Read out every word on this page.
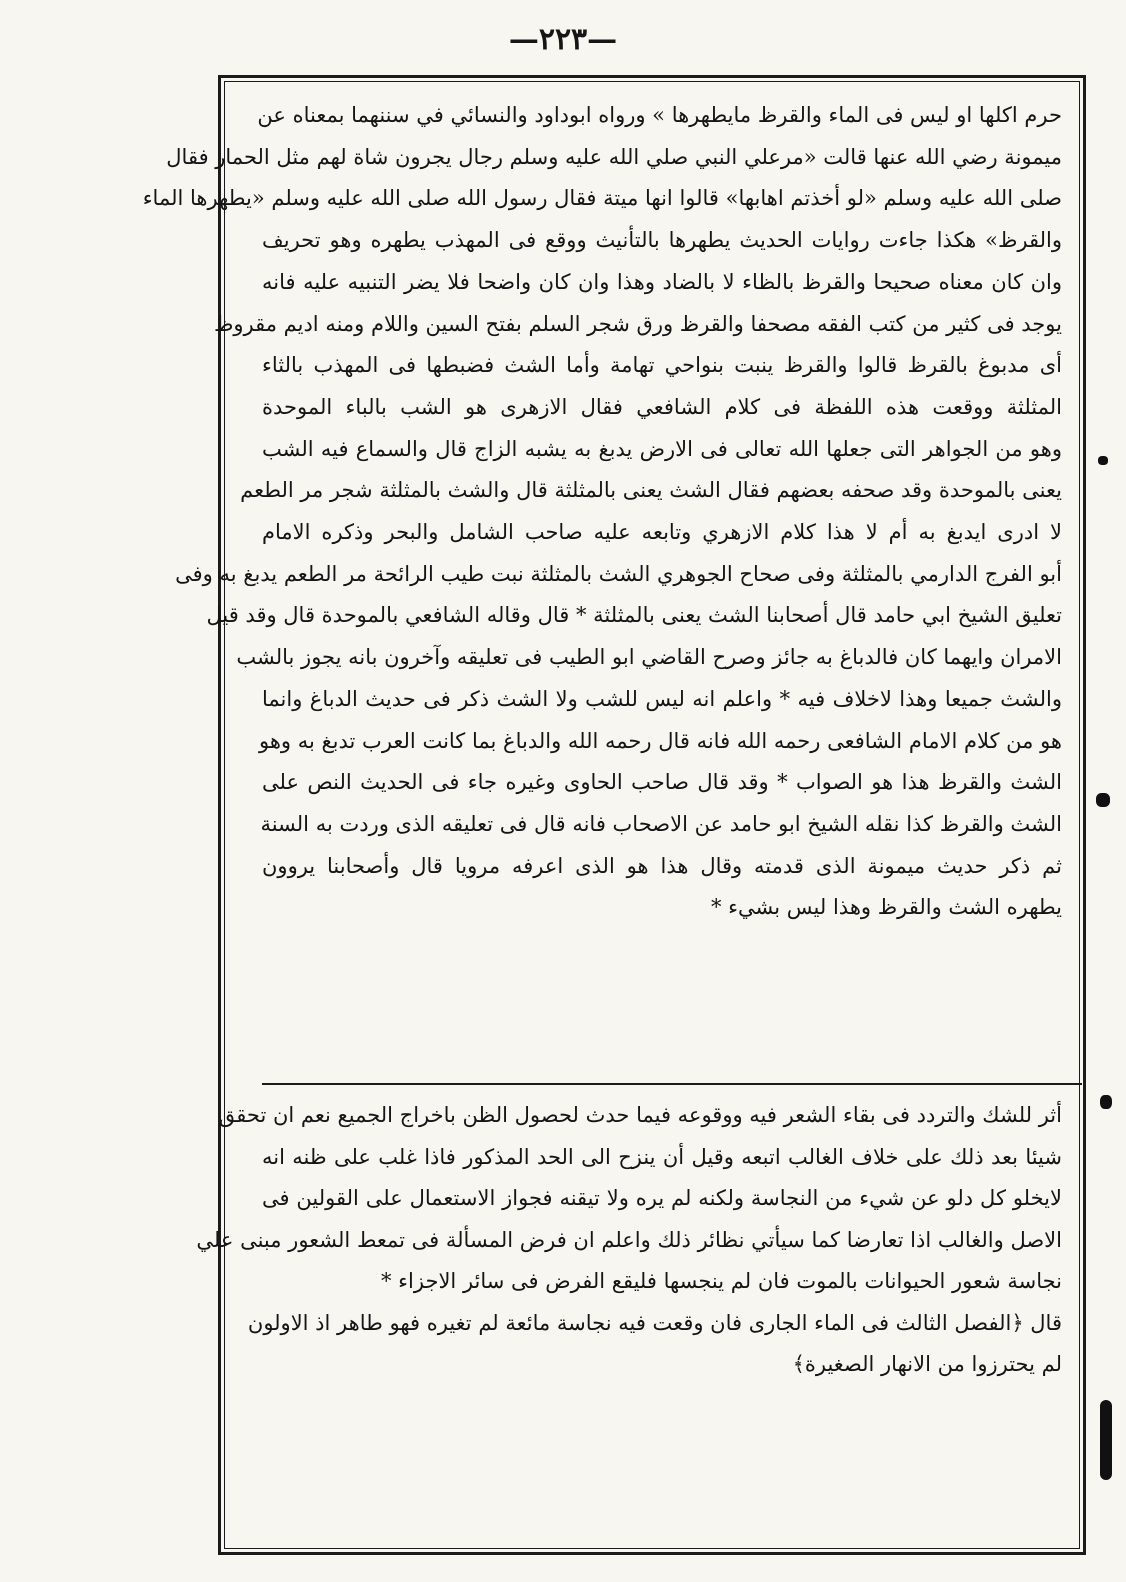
—٢٢٣—
حرم اكلها او ليس فى الماء والقرظ مايطهرها » ورواه ابوداود والنسائي في سننهما بمعناه عن
ميمونة رضي الله عنها قالت «مرعلي النبي صلي الله عليه وسلم رجال يجرون شاة لهم مثل الحمار فقال
صلى الله عليه وسلم «لو أخذتم اهابها» قالوا انها ميتة فقال رسول الله صلى الله عليه وسلم «يطهرها الماء
والقرظ» هكذا جاءت روايات الحديث يطهرها بالتأنيث ووقع فى المهذب يطهره وهو تحريف
وان كان معناه صحيحا والقرظ بالظاء لا بالضاد وهذا وان كان واضحا فلا يضر التنبيه عليه فانه
يوجد فى كثير من كتب الفقه مصحفا والقرظ ورق شجر السلم بفتح السين واللام ومنه اديم مقروظ
أى مدبوغ بالقرظ قالوا والقرظ ينبت بنواحي تهامة وأما الشث فضبطها فى المهذب بالثاء
المثلثة ووقعت هذه اللفظة فى كلام الشافعي فقال الازهرى هو الشب بالباء الموحدة
وهو من الجواهر التى جعلها الله تعالى فى الارض يدبغ به يشبه الزاج قال والسماع فيه الشب
يعنى بالموحدة وقد صحفه بعضهم فقال الشث يعنى بالمثلثة قال والشث بالمثلثة شجر مر الطعم
لا ادرى ايدبغ به أم لا هذا كلام الازهري وتابعه عليه صاحب الشامل والبحر وذكره الامام
أبو الفرج الدارمي بالمثلثة وفى صحاح الجوهري الشث بالمثلثة نبت طيب الرائحة مر الطعم يدبغ به وفى
تعليق الشيخ ابي حامد قال أصحابنا الشث يعنى بالمثلثة * قال وقاله الشافعي بالموحدة قال وقد قيل
الامران وايهما كان فالدباغ به جائز وصرح القاضي ابو الطيب فى تعليقه وآخرون بانه يجوز بالشب
والشث جميعا وهذا لاخلاف فيه * واعلم انه ليس للشب ولا الشث ذكر فى حديث الدباغ وانما
هو من كلام الامام الشافعى رحمه الله فانه قال رحمه الله والدباغ بما كانت العرب تدبغ به وهو
الشث والقرظ هذا هو الصواب * وقد قال صاحب الحاوى وغيره جاء فى الحديث النص على
الشث والقرظ كذا نقله الشيخ ابو حامد عن الاصحاب فانه قال فى تعليقه الذى وردت به السنة
ثم ذكر حديث ميمونة الذى قدمته وقال هذا هو الذى اعرفه مرويا قال وأصحابنا يروون
يطهره الشث والقرظ وهذا ليس بشيء *
أثر للشك والتردد فى بقاء الشعر فيه ووقوعه فيما حدث لحصول الظن باخراج الجميع نعم ان تحقق
شيئا بعد ذلك على خلاف الغالب اتبعه وقيل أن ينزح الى الحد المذكور فاذا غلب على ظنه انه
لايخلو كل دلو عن شيء من النجاسة ولكنه لم يره ولا تيقنه فجواز الاستعمال على القولين فى
الاصل والغالب اذا تعارضا كما سيأتي نظائر ذلك واعلم ان فرض المسألة فى تمعط الشعور مبنى علي
نجاسة شعور الحيوانات بالموت فان لم ينجسها فليقع الفرض فى سائر الاجزاء *
قال ﴿الفصل الثالث فى الماء الجارى فان وقعت فيه نجاسة مائعة لم تغيره فهو طاهر اذ الاولون
لم يحترزوا من الانهار الصغيرة﴾
